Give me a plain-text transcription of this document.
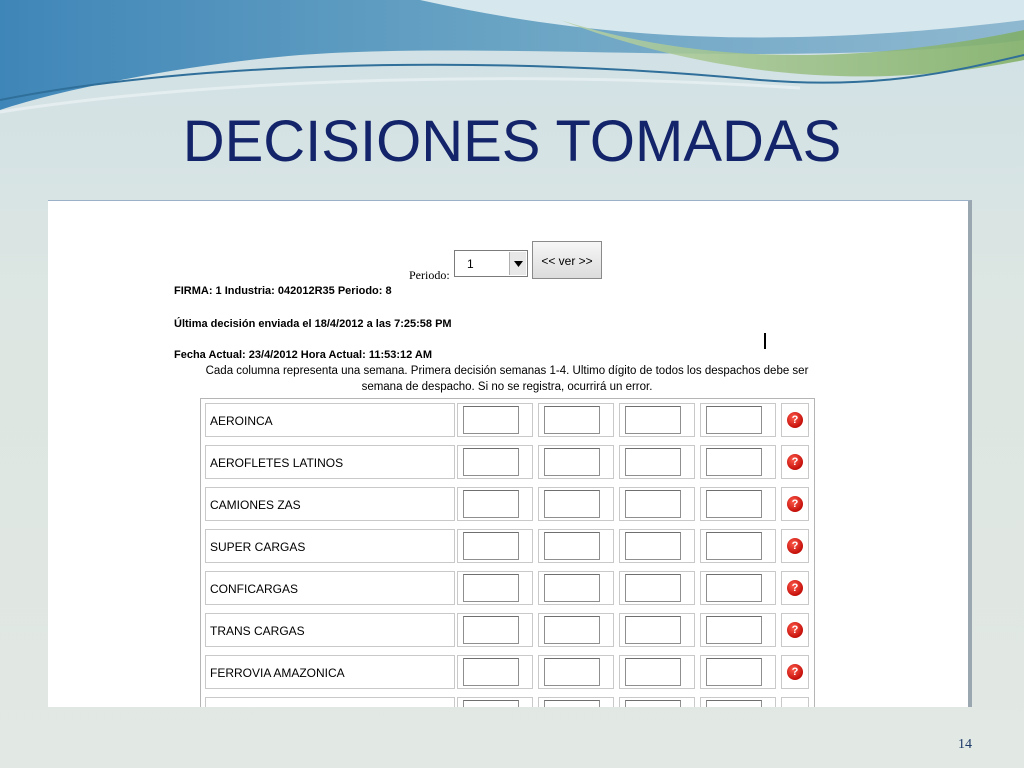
DECISIONES TOMADAS
Periodo:
1	<< ver >>
FIRMA: 1 Industria: 042012R35 Periodo: 8
Última decisión enviada el 18/4/2012 a las 7:25:58 PM
Fecha Actual: 23/4/2012 Hora Actual: 11:53:12 AM
Cada columna representa una semana. Primera decisión semanas 1-4. Ultimo dígito de todos los despachos debe ser
semana de despacho. Si no se registra, ocurrirá un error.
AEROINCA	?
AEROFLETES LATINOS	?
CAMIONES ZAS	?
SUPER CARGAS	?
CONFICARGAS	?
TRANS CARGAS	?
FERROVIA AMAZONICA	?
14
